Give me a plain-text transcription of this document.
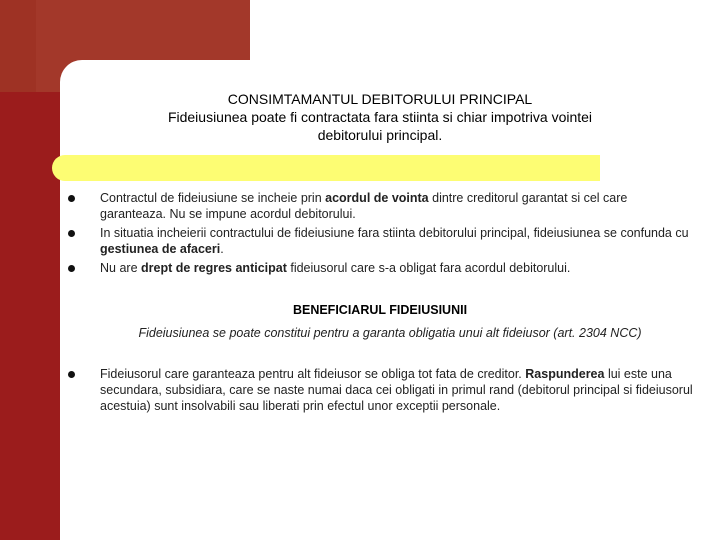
CONSIMTAMANTUL DEBITORULUI PRINCIPAL
Fideiusiunea poate fi contractata fara stiinta si chiar impotriva vointei
debitorului principal.
Contractul de fideiusiune se incheie prin acordul de vointa dintre creditorul garantat si cel care garanteaza. Nu se impune acordul debitorului.
In situatia incheierii contractului de fideiusiune fara stiinta debitorului principal, fideiusiunea se confunda cu gestiunea de afaceri.
Nu are drept de regres anticipat fideiusorul care s-a obligat fara acordul debitorului.
BENEFICIARUL FIDEIUSIUNII
Fideiusiunea se poate constitui pentru a garanta obligatia unui alt fideiusor (art. 2304 NCC)
Fideiusorul care garanteaza pentru alt fideiusor se obliga tot fata de creditor. Raspunderea lui este una secundara, subsidiara, care se naste numai daca cei obligati in primul rand (debitorul principal si fideiusorul acestuia) sunt insolvabili sau liberati prin efectul unor exceptii personale.
